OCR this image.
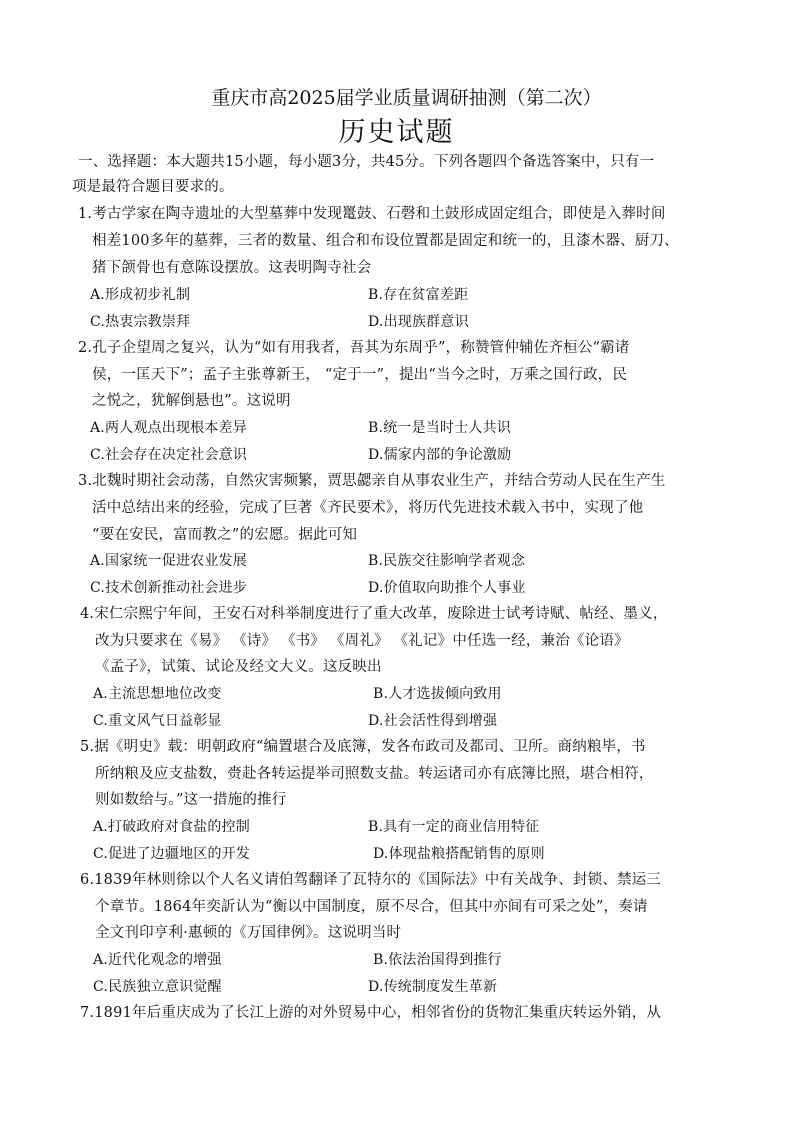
重庆市高2025届学业质量调研抽测（第二次）
历史试题
一、选择题：本大题共15小题，每小题3分，共45分。下列各题四个备选答案中，只有一
项是最符合题目要求的。
1.考古学家在陶寺遗址的大型墓葬中发现鼍鼓、石磬和土鼓形成固定组合，即使是入葬时间
相差100多年的墓葬，三者的数量、组合和布设位置都是固定和统一的，且漆木器、厨刀、
猪下颌骨也有意陈设摆放。这表明陶寺社会
A.形成初步礼制	B.存在贫富差距
C.热衷宗教崇拜	D.出现族群意识
2.孔子企望周之复兴，认为“如有用我者，吾其为东周乎”，称赞管仲辅佐齐桓公“霸诸
侯，一匡天下”；孟子主张尊新王， “定于一”，提出“当今之时，万乘之国行政，民
之悦之，犹解倒悬也”。这说明
A.两人观点出现根本差异	B.统一是当时士人共识
C.社会存在决定社会意识	D.儒家内部的争论激励
3.北魏时期社会动荡，自然灾害频繁，贾思勰亲自从事农业生产，并结合劳动人民在生产生
活中总结出来的经验，完成了巨著《齐民要术》，将历代先进技术载入书中，实现了他
“要在安民，富而教之”的宏愿。据此可知
A.国家统一促进农业发展	B.民族交往影响学者观念
C.技术创新推动社会进步	D.价值取向助推个人事业
4.宋仁宗熙宁年间，王安石对科举制度进行了重大改革，废除进士试考诗赋、帖经、墨义，
改为只要求在《易》 《诗》 《书》 《周礼》 《礼记》中任选一经，兼治《论语》
《孟子》，试策、试论及经文大义。这反映出
A.主流思想地位改变	B.人才选拔倾向致用
C.重文风气日益彰显	D.社会活性得到增强
5.据《明史》载：明朝政府“编置堪合及底簿，发各布政司及都司、卫所。商纳粮毕，书
所纳粮及应支盐数，赍赴各转运提举司照数支盐。转运诸司亦有底簿比照，堪合相符，
则如数给与。”这一措施的推行
A.打破政府对食盐的控制	B.具有一定的商业信用特征
C.促进了边疆地区的开发	D.体现盐粮搭配销售的原则
6.1839年林则徐以个人名义请伯驾翻译了瓦特尔的《国际法》中有关战争、封锁、禁运三
个章节。1864年奕訢认为“衡以中国制度，原不尽合，但其中亦间有可采之处”，奏请
全文刊印亨利·惠顿的《万国律例》。这说明当时
A.近代化观念的增强	B.依法治国得到推行
C.民族独立意识觉醒	D.传统制度发生革新
7.1891年后重庆成为了长江上游的对外贸易中心，相邻省份的货物汇集重庆转运外销，从
